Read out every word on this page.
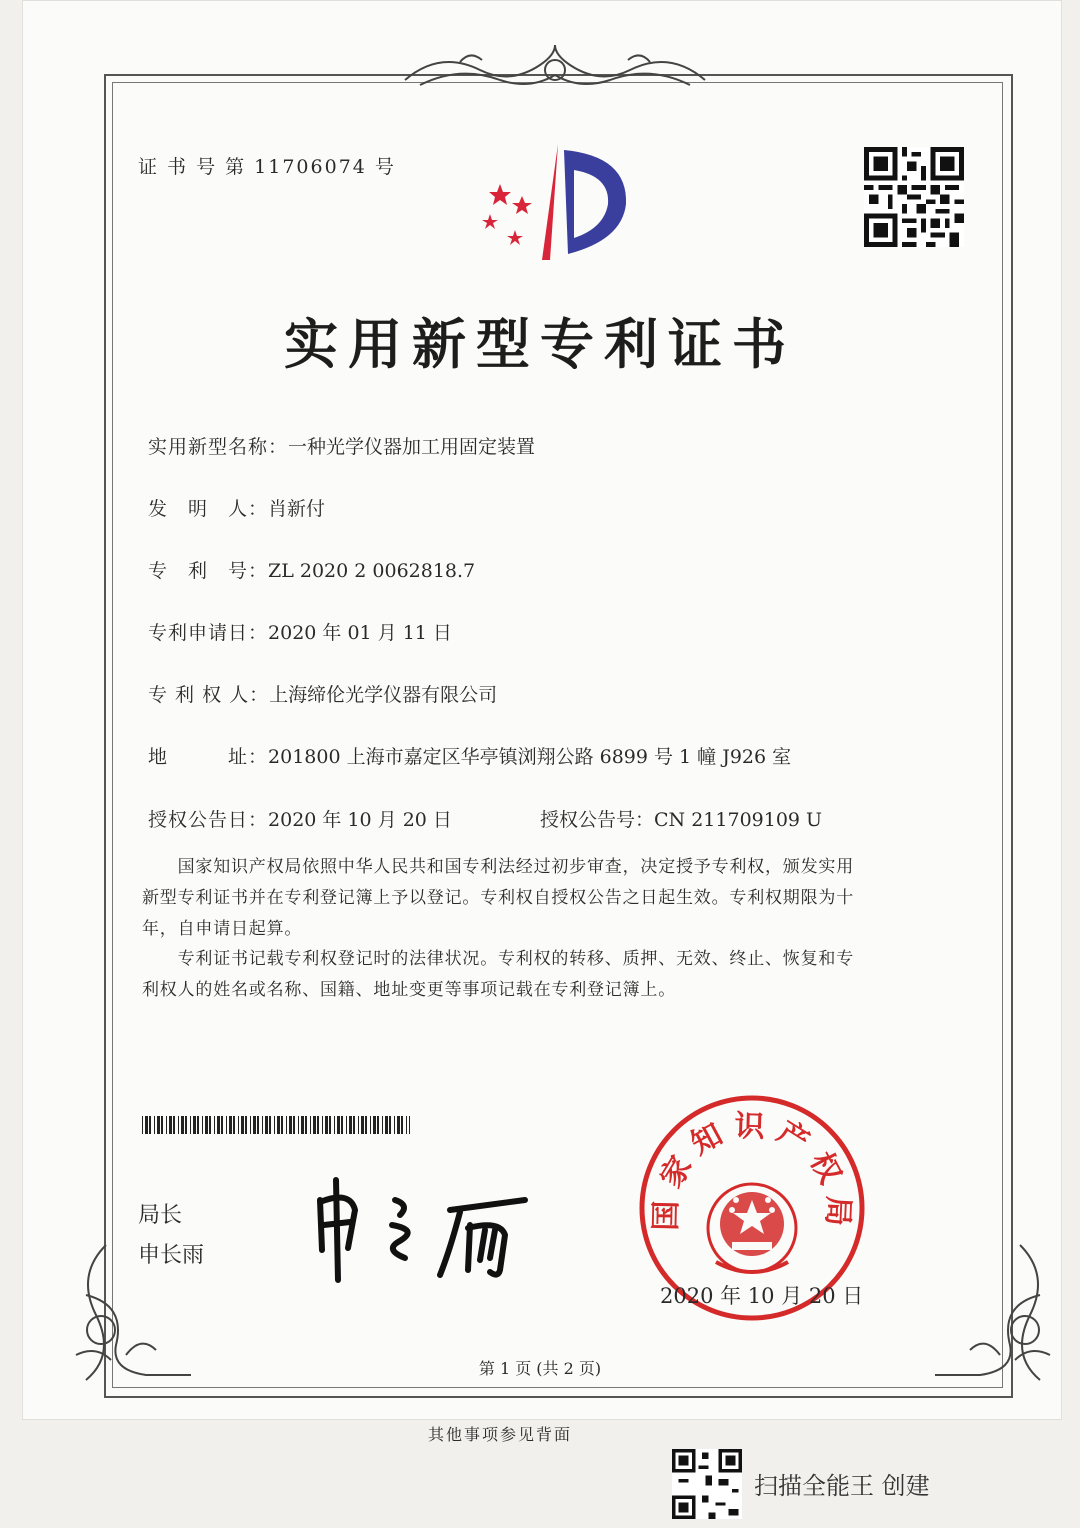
证 书 号 第 11706074 号
实用新型专利证书
实用新型名称：一种光学仪器加工用固定装置
发　明　人：肖新付
专　利　号：ZL 2020 2 0062818.7
专利申请日：2020 年 01 月 11 日
专 利 权 人：上海缔伦光学仪器有限公司
地　　　址：201800 上海市嘉定区华亭镇浏翔公路 6899 号 1 幢 J926 室
授权公告日：2020 年 10 月 20 日	授权公告号：CN 211709109 U
　　国家知识产权局依照中华人民共和国专利法经过初步审查，决定授予专利权，颁发实用
新型专利证书并在专利登记簿上予以登记。专利权自授权公告之日起生效。专利权期限为十
年，自申请日起算。
　　专利证书记载专利权登记时的法律状况。专利权的转移、质押、无效、终止、恢复和专
利权人的姓名或名称、国籍、地址变更等事项记载在专利登记簿上。
局长
申长雨
国家知识产权局
2020 年 10 月 20 日
第 1 页 (共 2 页)
其他事项参见背面
扫描全能王 创建
